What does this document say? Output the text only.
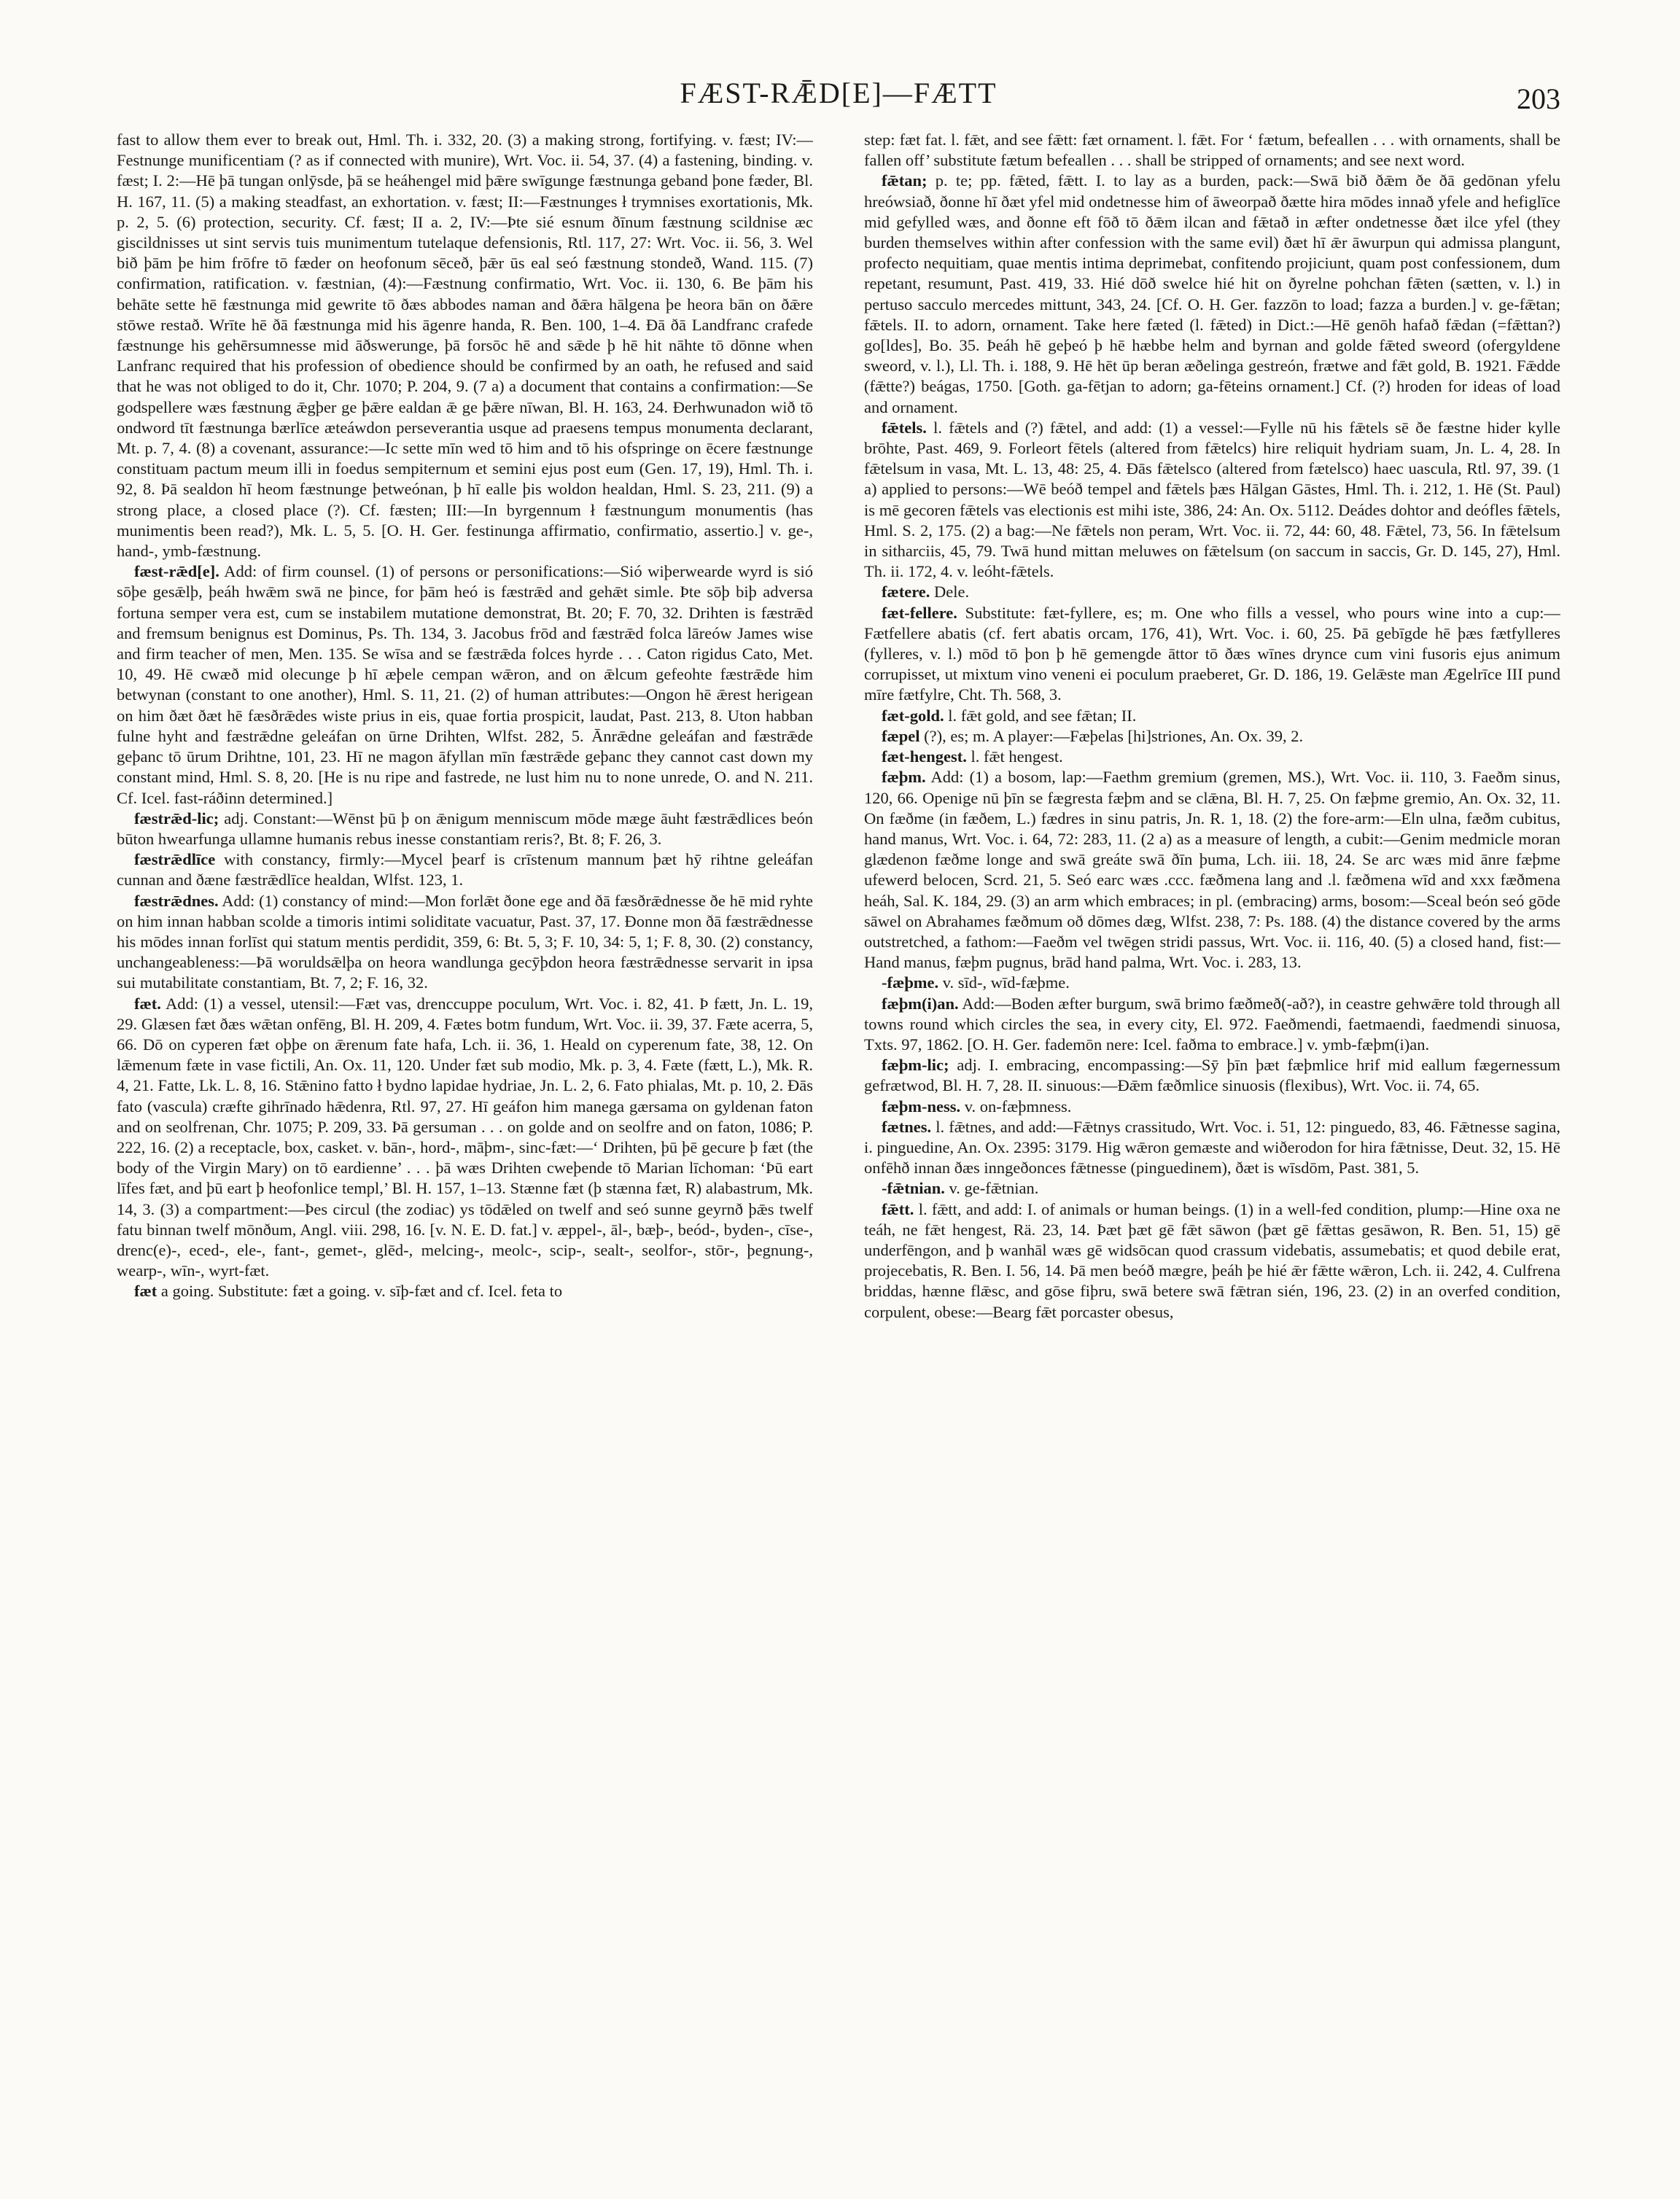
FÆST-RǢD[E]—FÆTT	203

fast to allow them ever to break out, Hml. Th. i. 332, 20. (3) a making strong, fortifying. v. fæst; IV:—Festnunge munificentiam (? as if connected with munire), Wrt. Voc. ii. 54, 37. (4) a fastening, binding. v. fæst; I. 2:—Hē þā tungan onlȳsde, þā se heáhengel mid þǣre swīgunge fæstnunga geband þone fæder, Bl. H. 167, 11. (5) a making steadfast, an exhortation. v. fæst; II:—Fæstnunges ł trymnises exortationis, Mk. p. 2, 5. (6) protection, security. Cf. fæst; II a. 2, IV:—Þte sié esnum ðīnum fæstnung scildnise æc giscildnisses ut sint servis tuis munimentum tutelaque defensionis, Rtl. 117, 27: Wrt. Voc. ii. 56, 3. Wel bið þām þe him frōfre tō fæder on heofonum sēceð, þǣr ūs eal seó fæstnung stondeð, Wand. 115. (7) confirmation, ratification. v. fæstnian, (4):—Fæstnung confirmatio, Wrt. Voc. ii. 130, 6. Be þām his behāte sette hē fæstnunga mid gewrite tō ðæs abbodes naman and ðǣra hālgena þe heora bān on ðǣre stōwe restað. Wrīte hē ðā fæstnunga mid his āgenre handa, R. Ben. 100, 1–4. Ðā ðā Landfranc crafede fæstnunge his gehērsumnesse mid āðswerunge, þā forsōc hē and sǣde þ hē hit nāhte tō dōnne when Lanfranc required that his profession of obedience should be confirmed by an oath, he refused and said that he was not obliged to do it, Chr. 1070; P. 204, 9. (7 a) a document that contains a confirmation:—Se godspellere wæs fæstnung ǣgþer ge þǣre ealdan ǣ ge þǣre nīwan, Bl. H. 163, 24. Ðerhwunadon wið tō ondword tīt fæstnunga bærlīce æteáwdon perseverantia usque ad praesens tempus monumenta declarant, Mt. p. 7, 4. (8) a covenant, assurance:—Ic sette mīn wed tō him and tō his ofspringe on ēcere fæstnunge constituam pactum meum illi in foedus sempiternum et semini ejus post eum (Gen. 17, 19), Hml. Th. i. 92, 8. Þā sealdon hī heom fæstnunge þetweónan, þ hī ealle þis woldon healdan, Hml. S. 23, 211. (9) a strong place, a closed place (?). Cf. fæsten; III:—In byrgennum ł fæstnungum monumentis (has munimentis been read?), Mk. L. 5, 5. [O. H. Ger. festinunga affirmatio, confirmatio, assertio.] v. ge-, hand-, ymb-fæstnung.

fæst-rǣd[e]. Add: of firm counsel. (1) of persons or personifications:—Sió wiþerwearde wyrd is sió sōþe gesǣlþ, þeáh hwǣm swā ne þince, for þām heó is fæstrǣd and gehǣt simle. Þte sōþ biþ adversa fortuna semper vera est, cum se instabilem mutatione demonstrat, Bt. 20; F. 70, 32. Drihten is fæstrǣd and fremsum benignus est Dominus, Ps. Th. 134, 3. Jacobus frōd and fæstrǣd folca lāreów James wise and firm teacher of men, Men. 135. Se wīsa and se fæstrǣda folces hyrde . . . Caton rigidus Cato, Met. 10, 49. Hē cwæð mid olecunge þ hī æþele cempan wǣron, and on ǣlcum gefeohte fæstrǣde him betwynan (constant to one another), Hml. S. 11, 21. (2) of human attributes:—Ongon hē ǣrest herigean on him ðæt ðæt hē fæsðrǣdes wiste prius in eis, quae fortia prospicit, laudat, Past. 213, 8. Uton habban fulne hyht and fæstrǣdne geleáfan on ūrne Drihten, Wlfst. 282, 5. Ānrǣdne geleáfan and fæstrǣde geþanc tō ūrum Drihtne, 101, 23. Hī ne magon āfyllan mīn fæstrǣde geþanc they cannot cast down my constant mind, Hml. S. 8, 20. [He is nu ripe and fastrede, ne lust him nu to none unrede, O. and N. 211. Cf. Icel. fast-ráðinn determined.]

fæstrǣd-lic; adj. Constant:—Wēnst þū þ on ǣnigum menniscum mōde mæge āuht fæstrǣdlices beón būton hwearfunga ullamne humanis rebus inesse constantiam reris?, Bt. 8; F. 26, 3.

fæstrǣdlīce with constancy, firmly:—Mycel þearf is crīstenum mannum þæt hȳ rihtne geleáfan cunnan and ðæne fæstrǣdlīce healdan, Wlfst. 123, 1.

fæstrǣdnes. Add: (1) constancy of mind:—Mon forlǣt ðone ege and ðā fæsðrǣdnesse ðe hē mid ryhte on him innan habban scolde a timoris intimi soliditate vacuatur, Past. 37, 17. Ðonne mon ðā fæstrǣdnesse his mōdes innan forlīst qui statum mentis perdidit, 359, 6: Bt. 5, 3; F. 10, 34: 5, 1; F. 8, 30. (2) constancy, unchangeableness:—Þā woruldsǣlþa on heora wandlunga gecȳþdon heora fæstrǣdnesse servarit in ipsa sui mutabilitate constantiam, Bt. 7, 2; F. 16, 32.

fæt. Add: (1) a vessel, utensil:—Fæt vas, drenccuppe poculum, Wrt. Voc. i. 82, 41. Þ fætt, Jn. L. 19, 29. Glæsen fæt ðæs wǣtan onfēng, Bl. H. 209, 4. Fætes botm fundum, Wrt. Voc. ii. 39, 37. Fæte acerra, 5, 66. Dō on cyperen fæt oþþe on ǣrenum fate hafa, Lch. ii. 36, 1. Heald on cyperenum fate, 38, 12. On lǣmenum fæte in vase fictili, An. Ox. 11, 120. Under fæt sub modio, Mk. p. 3, 4. Fæte (fætt, L.), Mk. R. 4, 21. Fatte, Lk. L. 8, 16. Stǣnino fatto ł bydno lapidae hydriae, Jn. L. 2, 6. Fato phialas, Mt. p. 10, 2. Ðās fato (vascula) cræfte gihrīnado hǣdenra, Rtl. 97, 27. Hī geáfon him manega gærsama on gyldenan faton and on seolfrenan, Chr. 1075; P. 209, 33. Þā gersuman . . . on golde and on seolfre and on faton, 1086; P. 222, 16. (2) a receptacle, box, casket. v. bān-, hord-, māþm-, sinc-fæt:—‘ Drihten, þū þē gecure þ fæt (the body of the Virgin Mary) on tō eardienne’ . . . þā wæs Drihten cweþende tō Marian līchoman: ‘Þū eart līfes fæt, and þū eart þ heofonlice templ,’ Bl. H. 157, 1–13. Stænne fæt (þ stænna fæt, R) alabastrum, Mk. 14, 3. (3) a compartment:—Þes circul (the zodiac) ys tōdǣled on twelf and seó sunne geyrnð þǣs twelf fatu binnan twelf mōnðum, Angl. viii. 298, 16. [v. N. E. D. fat.] v. æppel-, āl-, bæþ-, beód-, byden-, cīse-, drenc(e)-, eced-, ele-, fant-, gemet-, glēd-, melcing-, meolc-, scip-, sealt-, seolfor-, stōr-, þegnung-, wearp-, wīn-, wyrt-fæt.

fæt a going. Substitute: fæt a going. v. sīþ-fæt and cf. Icel. feta to

step: fæt fat. l. fǣt, and see fǣtt: fæt ornament. l. fǣt. For ‘ fætum, befeallen . . . with ornaments, shall be fallen off’ substitute fætum befeallen . . . shall be stripped of ornaments; and see next word.

fǣtan; p. te; pp. fǣted, fǣtt. I. to lay as a burden, pack:—Swā bið ðǣm ðe ðā gedōnan yfelu hreówsiað, ðonne hī ðæt yfel mid ondetnesse him of āweorpað ðætte hira mōdes innað yfele and hefiglīce mid gefylled wæs, and ðonne eft fōð tō ðǣm ilcan and fǣtað in æfter ondetnesse ðæt ilce yfel (they burden themselves within after confession with the same evil) ðæt hī ǣr āwurpun qui admissa plangunt, profecto nequitiam, quae mentis intima deprimebat, confitendo projiciunt, quam post confessionem, dum repetant, resumunt, Past. 419, 33. Hié dōð swelce hié hit on ðyrelne pohchan fǣten (sætten, v. l.) in pertuso sacculo mercedes mittunt, 343, 24. [Cf. O. H. Ger. fazzōn to load; fazza a burden.] v. ge-fǣtan; fǣtels. II. to adorn, ornament. Take here fæted (l. fǣted) in Dict.:—Hē genōh hafað fǣdan (=fǣttan?) go[ldes], Bo. 35. Þeáh hē geþeó þ hē hæbbe helm and byrnan and golde fǣted sweord (ofergyldene sweord, v. l.), Ll. Th. i. 188, 9. Hē hēt ūp beran æðelinga gestreón, frætwe and fǣt gold, B. 1921. Fǣdde (fǣtte?) beágas, 1750. [Goth. ga-fētjan to adorn; ga-fēteins ornament.] Cf. (?) hroden for ideas of load and ornament.

fǣtels. l. fǣtels and (?) fǣtel, and add: (1) a vessel:—Fylle nū his fǣtels sē ðe fæstne hider kylle brōhte, Past. 469, 9. Forleort fētels (altered from fǣtelcs) hire reliquit hydriam suam, Jn. L. 4, 28. In fǣtelsum in vasa, Mt. L. 13, 48: 25, 4. Ðās fǣtelsco (altered from fætelsco) haec uascula, Rtl. 97, 39. (1 a) applied to persons:—Wē beóð tempel and fǣtels þæs Hālgan Gāstes, Hml. Th. i. 212, 1. Hē (St. Paul) is mē gecoren fǣtels vas electionis est mihi iste, 386, 24: An. Ox. 5112. Deádes dohtor and deófles fǣtels, Hml. S. 2, 175. (2) a bag:—Ne fǣtels non peram, Wrt. Voc. ii. 72, 44: 60, 48. Fǣtel, 73, 56. In fǣtelsum in sitharciis, 45, 79. Twā hund mittan meluwes on fǣtelsum (on saccum in saccis, Gr. D. 145, 27), Hml. Th. ii. 172, 4. v. leóht-fǣtels.

fætere. Dele.

fæt-fellere. Substitute: fæt-fyllere, es; m. One who fills a vessel, who pours wine into a cup:—Fætfellere abatis (cf. fert abatis orcam, 176, 41), Wrt. Voc. i. 60, 25. Þā gebīgde hē þæs fætfylleres (fylleres, v. l.) mōd tō þon þ hē gemengde āttor tō ðæs wīnes drynce cum vini fusoris ejus animum corrupisset, ut mixtum vino veneni ei poculum praeberet, Gr. D. 186, 19. Gelǣste man Ægelrīce III pund mīre fætfylre, Cht. Th. 568, 3.

fæt-gold. l. fǣt gold, and see fǣtan; II.

fæpel (?), es; m. A player:—Fæþelas [hi]striones, An. Ox. 39, 2.

fæt-hengest. l. fǣt hengest.

fæþm. Add: (1) a bosom, lap:—Faethm gremium (gremen, MS.), Wrt. Voc. ii. 110, 3. Faeðm sinus, 120, 66. Openige nū þīn se fægresta fæþm and se clǣna, Bl. H. 7, 25. On fæþme gremio, An. Ox. 32, 11. On fæðme (in fæðem, L.) fædres in sinu patris, Jn. R. 1, 18. (2) the fore-arm:—Eln ulna, fæðm cubitus, hand manus, Wrt. Voc. i. 64, 72: 283, 11. (2 a) as a measure of length, a cubit:—Genim medmicle moran glædenon fæðme longe and swā greáte swā ðīn þuma, Lch. iii. 18, 24. Se arc wæs mid ānre fæþme ufewerd belocen, Scrd. 21, 5. Seó earc wæs .ccc. fæðmena lang and .l. fæðmena wīd and xxx fæðmena heáh, Sal. K. 184, 29. (3) an arm which embraces; in pl. (embracing) arms, bosom:—Sceal beón seó gōde sāwel on Abrahames fæðmum oð dōmes dæg, Wlfst. 238, 7: Ps. 188. (4) the distance covered by the arms outstretched, a fathom:—Faeðm vel twēgen stridi passus, Wrt. Voc. ii. 116, 40. (5) a closed hand, fist:—Hand manus, fæþm pugnus, brād hand palma, Wrt. Voc. i. 283, 13.

-fæþme. v. sīd-, wīd-fæþme.

fæþm(i)an. Add:—Boden æfter burgum, swā brimo fæðmeð(-að?), in ceastre gehwǣre told through all towns round which circles the sea, in every city, El. 972. Faeðmendi, faetmaendi, faedmendi sinuosa, Txts. 97, 1862. [O. H. Ger. fademōn nere: Icel. faðma to embrace.] v. ymb-fæþm(i)an.

fæþm-lic; adj. I. embracing, encompassing:—Sȳ þīn þæt fæþmlice hrif mid eallum fægernessum gefrætwod, Bl. H. 7, 28. II. sinuous:—Ðǣm fæðmlice sinuosis (flexibus), Wrt. Voc. ii. 74, 65.

fæþm-ness. v. on-fæþmness.

fætnes. l. fǣtnes, and add:—Fǣtnys crassitudo, Wrt. Voc. i. 51, 12: pinguedo, 83, 46. Fǣtnesse sagina, i. pinguedine, An. Ox. 2395: 3179. Hig wǣron gemæste and wiðerodon for hira fǣtnisse, Deut. 32, 15. Hē onfēhð innan ðæs inngeðonces fǣtnesse (pinguedinem), ðæt is wīsdōm, Past. 381, 5.

-fǣtnian. v. ge-fǣtnian.

fǣtt. l. fǣtt, and add: I. of animals or human beings. (1) in a well-fed condition, plump:—Hine oxa ne teáh, ne fǣt hengest, Rä. 23, 14. Þæt þæt gē fǣt sāwon (þæt gē fǣttas gesāwon, R. Ben. 51, 15) gē underfēngon, and þ wanhāl wæs gē widsōcan quod crassum videbatis, assumebatis; et quod debile erat, projecebatis, R. Ben. I. 56, 14. Þā men beóð mægre, þeáh þe hié ǣr fǣtte wǣron, Lch. ii. 242, 4. Culfrena briddas, hænne flǣsc, and gōse fiþru, swā betere swā fǣtran sién, 196, 23. (2) in an overfed condition, corpulent, obese:—Bearg fǣt porcaster obesus,
